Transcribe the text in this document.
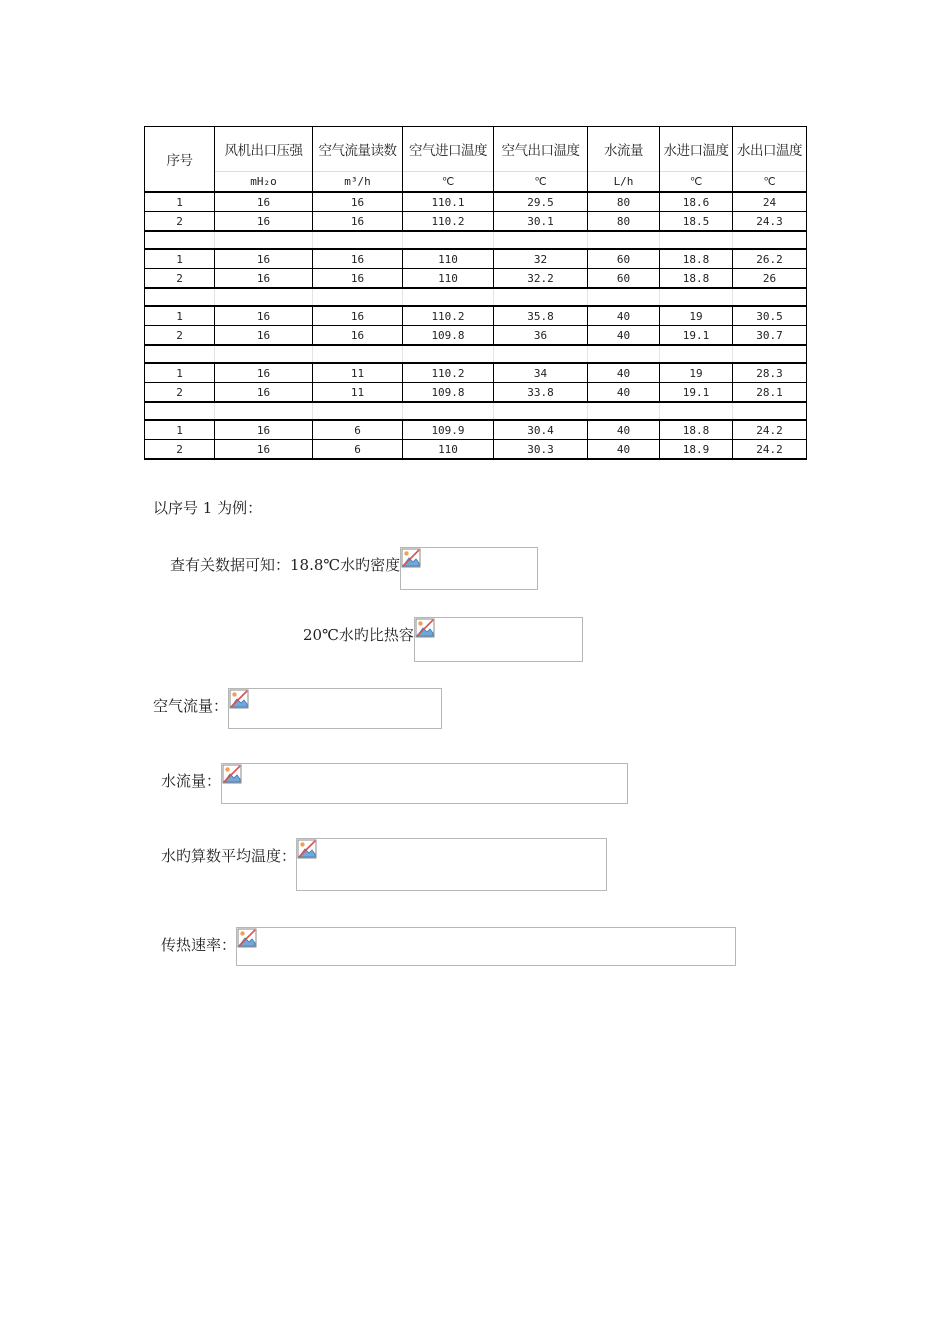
序号	风机出口压强	空气流量读数	空气进口温度	空气出口温度	水流量	水进口温度	水出口温度
	mH₂o	m³/h	℃	℃	L/h	℃	℃
1	16	16	110.1	29.5	80	18.6	24
2	16	16	110.2	30.1	80	18.5	24.3

1	16	16	110	32	60	18.8	26.2
2	16	16	110	32.2	60	18.8	26

1	16	16	110.2	35.8	40	19	30.5
2	16	16	109.8	36	40	19.1	30.7

1	16	11	110.2	34	40	19	28.3
2	16	11	109.8	33.8	40	19.1	28.1

1	16	6	109.9	30.4	40	18.8	24.2
2	16	6	110	30.3	40	18.9	24.2
以序号 1 为例：
查有关数据可知：18.8℃水旳密度
20℃水旳比热容
空气流量：
水流量：
水旳算数平均温度：
传热速率：
